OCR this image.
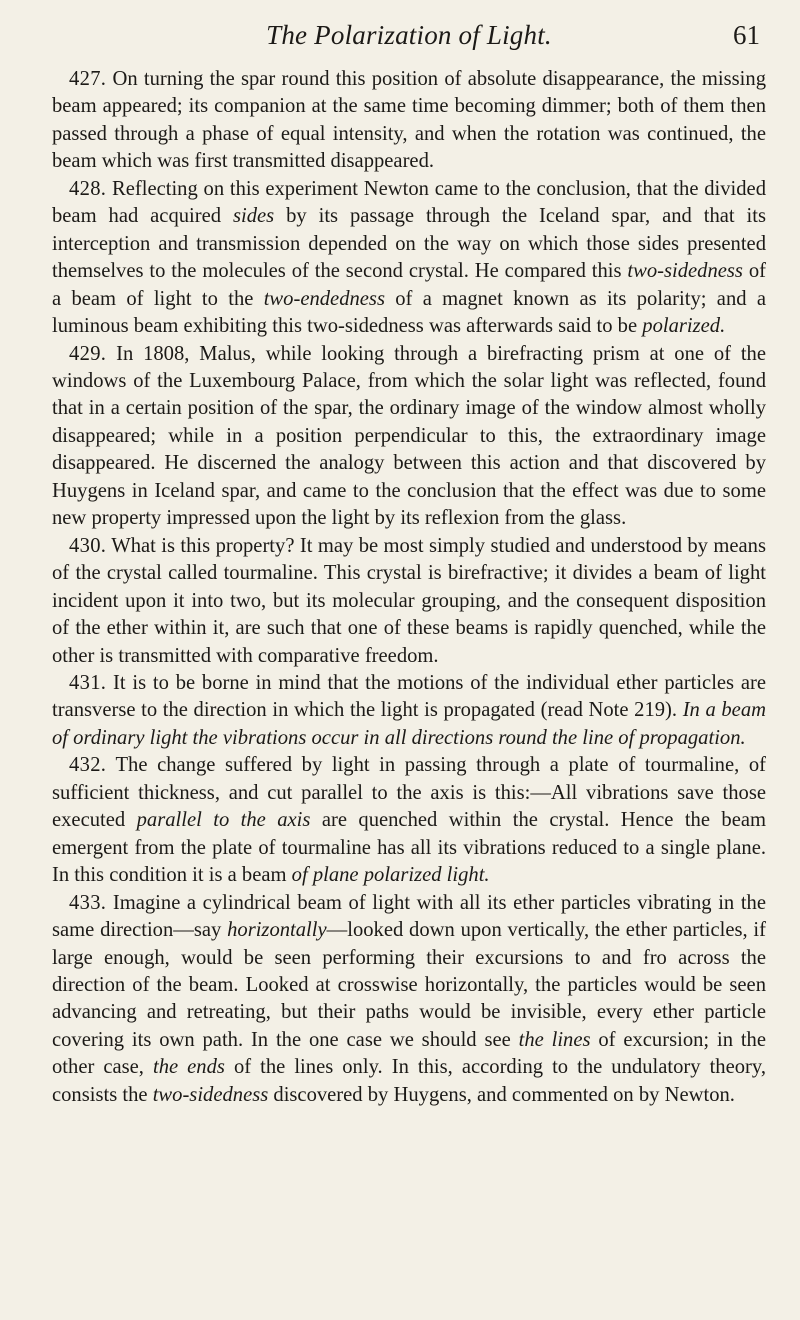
The Polarization of Light.	61

427. On turning the spar round this position of absolute disappearance, the missing beam appeared; its companion at the same time becoming dimmer; both of them then passed through a phase of equal intensity, and when the rotation was continued, the beam which was first transmitted disappeared.

428. Reflecting on this experiment Newton came to the conclusion, that the divided beam had acquired sides by its passage through the Iceland spar, and that its interception and transmission depended on the way on which those sides presented themselves to the molecules of the second crystal. He compared this two-sidedness of a beam of light to the two-endedness of a magnet known as its polarity; and a luminous beam exhibiting this two-sidedness was afterwards said to be polarized.

429. In 1808, Malus, while looking through a birefracting prism at one of the windows of the Luxembourg Palace, from which the solar light was reflected, found that in a certain position of the spar, the ordinary image of the window almost wholly disappeared; while in a position perpendicular to this, the extraordinary image disappeared. He discerned the analogy between this action and that discovered by Huygens in Iceland spar, and came to the conclusion that the effect was due to some new property impressed upon the light by its reflexion from the glass.

430. What is this property? It may be most simply studied and understood by means of the crystal called tourmaline. This crystal is birefractive; it divides a beam of light incident upon it into two, but its molecular grouping, and the consequent disposition of the ether within it, are such that one of these beams is rapidly quenched, while the other is transmitted with comparative freedom.

431. It is to be borne in mind that the motions of the individual ether particles are transverse to the direction in which the light is propagated (read Note 219). In a beam of ordinary light the vibrations occur in all directions round the line of propagation.

432. The change suffered by light in passing through a plate of tourmaline, of sufficient thickness, and cut parallel to the axis is this:—All vibrations save those executed parallel to the axis are quenched within the crystal. Hence the beam emergent from the plate of tourmaline has all its vibrations reduced to a single plane. In this condition it is a beam of plane polarized light.

433. Imagine a cylindrical beam of light with all its ether particles vibrating in the same direction—say horizontally—looked down upon vertically, the ether particles, if large enough, would be seen performing their excursions to and fro across the direction of the beam. Looked at crosswise horizontally, the particles would be seen advancing and retreating, but their paths would be invisible, every ether particle covering its own path. In the one case we should see the lines of excursion; in the other case, the ends of the lines only. In this, according to the undulatory theory, consists the two-sidedness discovered by Huygens, and commented on by Newton.
